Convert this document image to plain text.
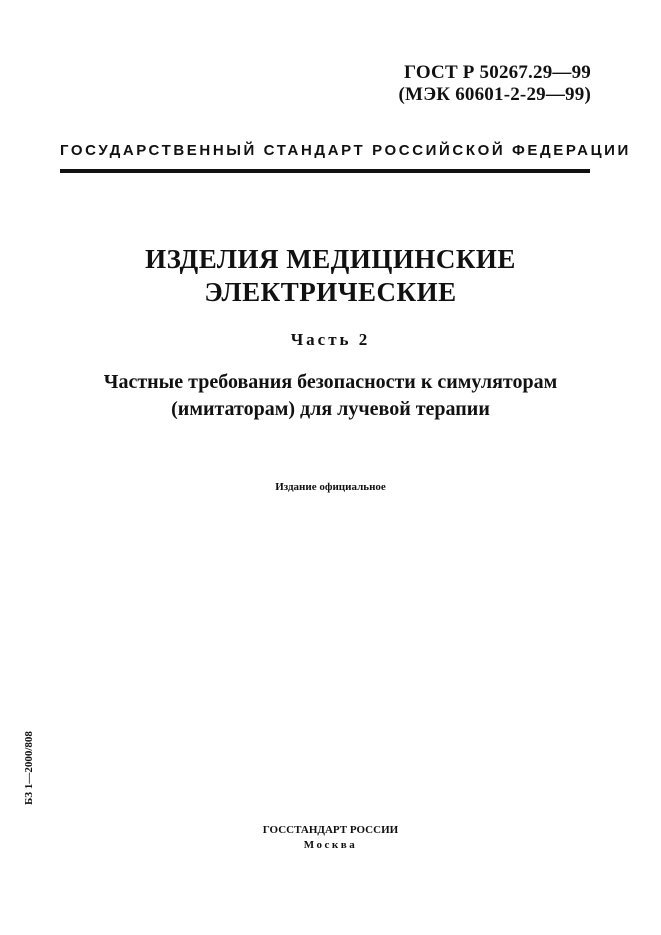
ГОСТ Р 50267.29—99
(МЭК 60601-2-29—99)
ГОСУДАРСТВЕННЫЙ СТАНДАРТ РОССИЙСКОЙ ФЕДЕРАЦИИ
ИЗДЕЛИЯ МЕДИЦИНСКИЕ
ЭЛЕКТРИЧЕСКИЕ
Часть 2
Частные требования безопасности к симуляторам
(имитаторам) для лучевой терапии
Издание официальное
БЗ 1—2000/808
ГОССТАНДАРТ РОССИИ
Москва
